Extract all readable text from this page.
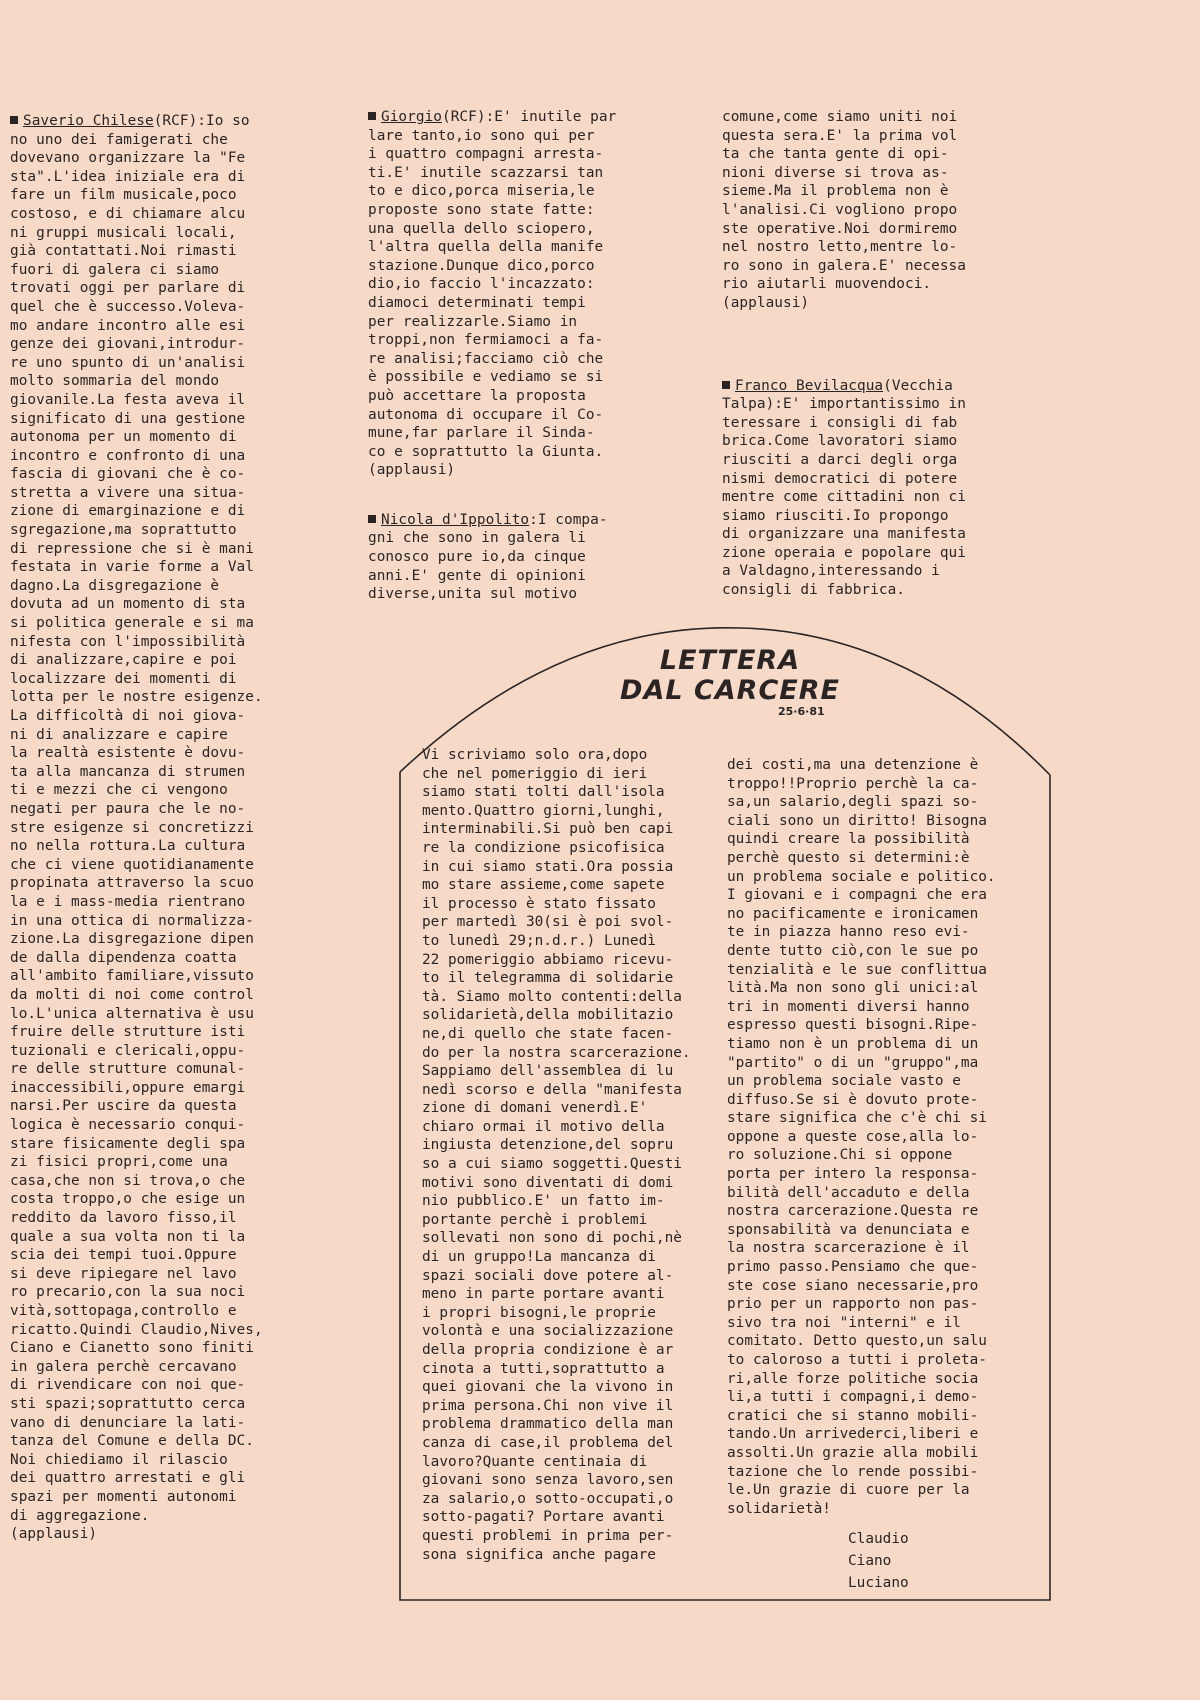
Saverio Chilese(RCF):Io so
no uno dei famigerati che
dovevano organizzare la "Fe
sta".L'idea iniziale era di
fare un film musicale,poco
costoso, e di chiamare alcu
ni gruppi musicali locali,
già contattati.Noi rimasti
fuori di galera ci siamo
trovati oggi per parlare di
quel che è successo.Voleva-
mo andare incontro alle esi
genze dei giovani,introdur-
re uno spunto di un'analisi
molto sommaria del mondo
giovanile.La festa aveva il
significato di una gestione
autonoma per un momento di
incontro e confronto di una
fascia di giovani che è co-
stretta a vivere una situa-
zione di emarginazione e di
sgregazione,ma soprattutto
di repressione che si è mani
festata in varie forme a Val
dagno.La disgregazione è
dovuta ad un momento di sta
si politica generale e si ma
nifesta con l'impossibilità
di analizzare,capire e poi
localizzare dei momenti di
lotta per le nostre esigenze.
La difficoltà di noi giova-
ni di analizzare e capire
la realtà esistente è dovu-
ta alla mancanza di strumen
ti e mezzi che ci vengono
negati per paura che le no-
stre esigenze si concretizzi
no nella rottura.La cultura
che ci viene quotidianamente
propinata attraverso la scuo
la e i mass-media rientrano
in una ottica di normalizza-
zione.La disgregazione dipen
de dalla dipendenza coatta
all'ambito familiare,vissuto
da molti di noi come control
lo.L'unica alternativa è usu
fruire delle strutture isti
tuzionali e clericali,oppu-
re delle strutture comunal-
inaccessibili,oppure emargi
narsi.Per uscire da questa
logica è necessario conqui-
stare fisicamente degli spa
zi fisici propri,come una
casa,che non si trova,o che
costa troppo,o che esige un
reddito da lavoro fisso,il
quale a sua volta non ti la
scia dei tempi tuoi.Oppure
si deve ripiegare nel lavo
ro precario,con la sua noci
vità,sottopaga,controllo e
ricatto.Quindi Claudio,Nives,
Ciano e Cianetto sono finiti
in galera perchè cercavano
di rivendicare con noi que-
sti spazi;soprattutto cerca
vano di denunciare la lati-
tanza del Comune e della DC.
Noi chiediamo il rilascio
dei quattro arrestati e gli
spazi per momenti autonomi
di aggregazione.
(applausi)

Giorgio(RCF):E' inutile par
lare tanto,io sono qui per
i quattro compagni arresta-
ti.E' inutile scazzarsi tan
to e dico,porca miseria,le
proposte sono state fatte:
una quella dello sciopero,
l'altra quella della manife
stazione.Dunque dico,porco
dio,io faccio l'incazzato:
diamoci determinati tempi
per realizzarle.Siamo in
troppi,non fermiamoci a fa-
re analisi;facciamo ciò che
è possibile e vediamo se si
può accettare la proposta
autonoma di occupare il Co-
mune,far parlare il Sinda-
co e soprattutto la Giunta.
(applausi)

Nicola d'Ippolito:I compa-
gni che sono in galera li
conosco pure io,da cinque
anni.E' gente di opinioni
diverse,unita sul motivo

comune,come siamo uniti noi
questa sera.E' la prima vol
ta che tanta gente di opi-
nioni diverse si trova as-
sieme.Ma il problema non è
l'analisi.Ci vogliono propo
ste operative.Noi dormiremo
nel nostro letto,mentre lo-
ro sono in galera.E' necessa
rio aiutarli muovendoci.
(applausi)

Franco Bevilacqua(Vecchia
Talpa):E' importantissimo in
teressare i consigli di fab
brica.Come lavoratori siamo
riusciti a darci degli orga
nismi democratici di potere
mentre come cittadini non ci
siamo riusciti.Io propongo
di organizzare una manifesta
zione operaia e popolare qui
a Valdagno,interessando i
consigli di fabbrica.

LETTERA
DAL CARCERE
25·6·81

Vi scriviamo solo ora,dopo
che nel pomeriggio di ieri
siamo stati tolti dall'isola
mento.Quattro giorni,lunghi,
interminabili.Si può ben capi
re la condizione psicofisica
in cui siamo stati.Ora possia
mo stare assieme,come sapete
il processo è stato fissato
per martedì 30(si è poi svol-
to lunedì 29;n.d.r.) Lunedì
22 pomeriggio abbiamo ricevu-
to il telegramma di solidarie
tà. Siamo molto contenti:della
solidarietà,della mobilitazio
ne,di quello che state facen-
do per la nostra scarcerazione.
Sappiamo dell'assemblea di lu
nedì scorso e della "manifesta
zione di domani venerdì.E'
chiaro ormai il motivo della
ingiusta detenzione,del sopru
so a cui siamo soggetti.Questi
motivi sono diventati di domi
nio pubblico.E' un fatto im-
portante perchè i problemi
sollevati non sono di pochi,nè
di un gruppo!La mancanza di
spazi sociali dove potere al-
meno in parte portare avanti
i propri bisogni,le proprie
volontà e una socializzazione
della propria condizione è ar
cinota a tutti,soprattutto a
quei giovani che la vivono in
prima persona.Chi non vive il
problema drammatico della man
canza di case,il problema del
lavoro?Quante centinaia di
giovani sono senza lavoro,sen
za salario,o sotto-occupati,o
sotto-pagati? Portare avanti
questi problemi in prima per-
sona significa anche pagare

dei costi,ma una detenzione è
troppo!!Proprio perchè la ca-
sa,un salario,degli spazi so-
ciali sono un diritto! Bisogna
quindi creare la possibilità
perchè questo si determini:è
un problema sociale e politico.
I giovani e i compagni che era
no pacificamente e ironicamen
te in piazza hanno reso evi-
dente tutto ciò,con le sue po
tenzialità e le sue conflittua
lità.Ma non sono gli unici:al
tri in momenti diversi hanno
espresso questi bisogni.Ripe-
tiamo non è un problema di un
"partito" o di un "gruppo",ma
un problema sociale vasto e
diffuso.Se si è dovuto prote-
stare significa che c'è chi si
oppone a queste cose,alla lo-
ro soluzione.Chi si oppone
porta per intero la responsa-
bilità dell'accaduto e della
nostra carcerazione.Questa re
sponsabilità va denunciata e
la nostra scarcerazione è il
primo passo.Pensiamo che que-
ste cose siano necessarie,pro
prio per un rapporto non pas-
sivo tra noi "interni" e il
comitato. Detto questo,un salu
to caloroso a tutti i proleta-
ri,alle forze politiche socia
li,a tutti i compagni,i demo-
cratici che si stanno mobili-
tando.Un arrivederci,liberi e
assolti.Un grazie alla mobili
tazione che lo rende possibi-
le.Un grazie di cuore per la
solidarietà!

Claudio
Ciano
Luciano
